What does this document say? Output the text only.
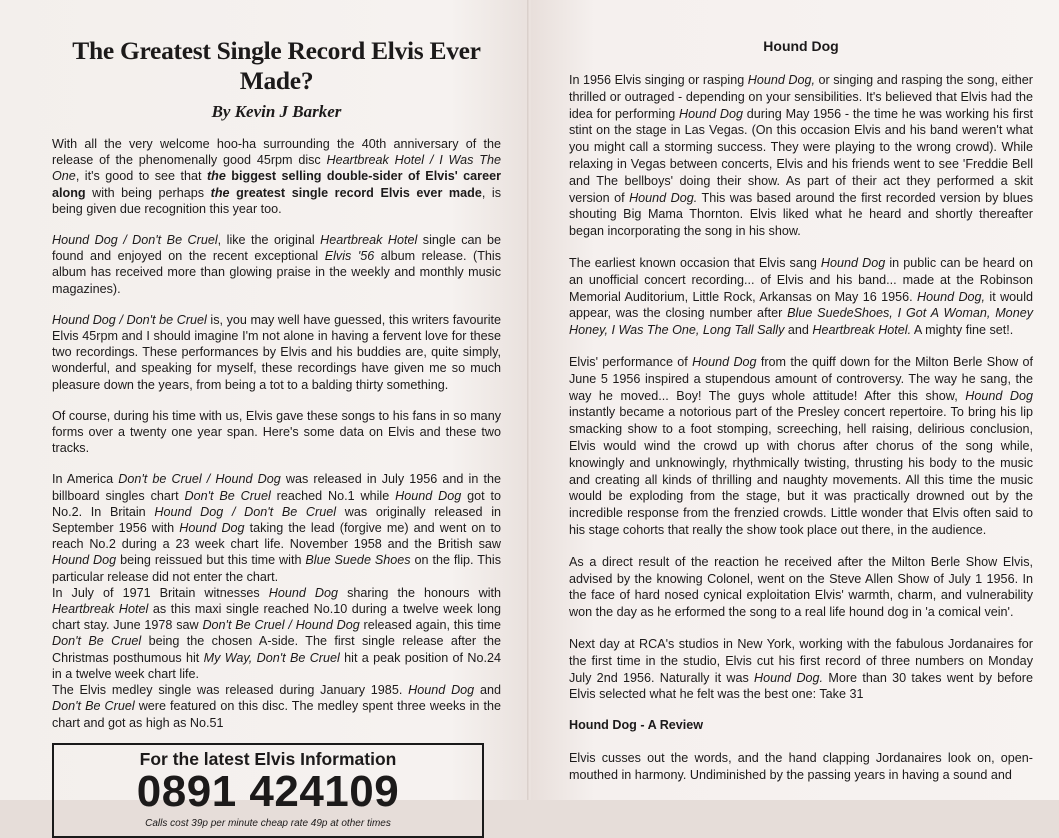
The Greatest Single Record Elvis Ever Made?
By Kevin J Barker

With all the very welcome hoo-ha surrounding the 40th anniversary of the release of the phenomenally good 45rpm disc Heartbreak Hotel / I Was The One, it's good to see that the biggest selling double-sider of Elvis' career along with being perhaps the greatest single record Elvis ever made, is being given due recognition this year too.

Hound Dog / Don't Be Cruel, like the original Heartbreak Hotel single can be found and enjoyed on the recent exceptional Elvis '56 album release. (This album has received more than glowing praise in the weekly and monthly music magazines).

Hound Dog / Don't be Cruel is, you may well have guessed, this writers favourite Elvis 45rpm and I should imagine I'm not alone in having a fervent love for these two recordings. These performances by Elvis and his buddies are, quite simply, wonderful, and speaking for myself, these recordings have given me so much pleasure down the years, from being a tot to a balding thirty something.

Of course, during his time with us, Elvis gave these songs to his fans in so many forms over a twenty one year span. Here's some data on Elvis and these two tracks.

In America Don't be Cruel / Hound Dog was released in July 1956 and in the billboard singles chart Don't Be Cruel reached No.1 while Hound Dog got to No.2. In Britain Hound Dog / Don't Be Cruel was originally released in September 1956 with Hound Dog taking the lead (forgive me) and went on to reach No.2 during a 23 week chart life. November 1958 and the British saw Hound Dog being reissued but this time with Blue Suede Shoes on the flip. This particular release did not enter the chart.

In July of 1971 Britain witnesses Hound Dog sharing the honours with Heartbreak Hotel as this maxi single reached No.10 during a twelve week long chart stay. June 1978 saw Don't Be Cruel / Hound Dog released again, this time Don't Be Cruel being the chosen A-side. The first single release after the Christmas posthumous hit My Way, Don't Be Cruel hit a peak position of No.24 in a twelve week chart life.

The Elvis medley single was released during January 1985. Hound Dog and Don't Be Cruel were featured on this disc. The medley spent three weeks in the chart and got as high as No.51

For the latest Elvis Information
0891 424109
Calls cost 39p per minute cheap rate 49p at other times
Hound Dog

In 1956 Elvis singing or rasping Hound Dog, or singing and rasping the song, either thrilled or outraged - depending on your sensibilities. It's believed that Elvis had the idea for performing Hound Dog during May 1956 - the time he was working his first stint on the stage in Las Vegas. (On this occasion Elvis and his band weren't what you might call a storming success. They were playing to the wrong crowd). While relaxing in Vegas between concerts, Elvis and his friends went to see 'Freddie Bell and The bellboys' doing their show. As part of their act they performed a skit version of Hound Dog. This was based around the first recorded version by blues shouting Big Mama Thornton. Elvis liked what he heard and shortly thereafter began incorporating the song in his show.

The earliest known occasion that Elvis sang Hound Dog in public can be heard on an unofficial concert recording... of Elvis and his band... made at the Robinson Memorial Auditorium, Little Rock, Arkansas on May 16 1956. Hound Dog, it would appear, was the closing number after Blue SuedeShoes, I Got A Woman, Money Honey, I Was The One, Long Tall Sally and Heartbreak Hotel. A mighty fine set!.

Elvis' performance of Hound Dog from the quiff down for the Milton Berle Show of June 5 1956 inspired a stupendous amount of controversy. The way he sang, the way he moved... Boy! The guys whole attitude! After this show, Hound Dog instantly became a notorious part of the Presley concert repertoire. To bring his lip smacking show to a foot stomping, screeching, hell raising, delirious conclusion, Elvis would wind the crowd up with chorus after chorus of the song while, knowingly and unknowingly, rhythmically twisting, thrusting his body to the music and creating all kinds of thrilling and naughty movements. All this time the music would be exploding from the stage, but it was practically drowned out by the incredible response from the frenzied crowds. Little wonder that Elvis often said to his stage cohorts that really the show took place out there, in the audience.

As a direct result of the reaction he received after the Milton Berle Show Elvis, advised by the knowing Colonel, went on the Steve Allen Show of July 1 1956. In the face of hard nosed cynical exploitation Elvis' warmth, charm, and vulnerability won the day as he erformed the song to a real life hound dog in 'a comical vein'.

Next day at RCA's studios in New York, working with the fabulous Jordanaires for the first time in the studio, Elvis cut his first record of three numbers on Monday July 2nd 1956. Naturally it was Hound Dog. More than 30 takes went by before Elvis selected what he felt was the best one: Take 31

Hound Dog - A Review

Elvis cusses out the words, and the hand clapping Jordanaires look on, open-mouthed in harmony. Undiminished by the passing years in having a sound and
